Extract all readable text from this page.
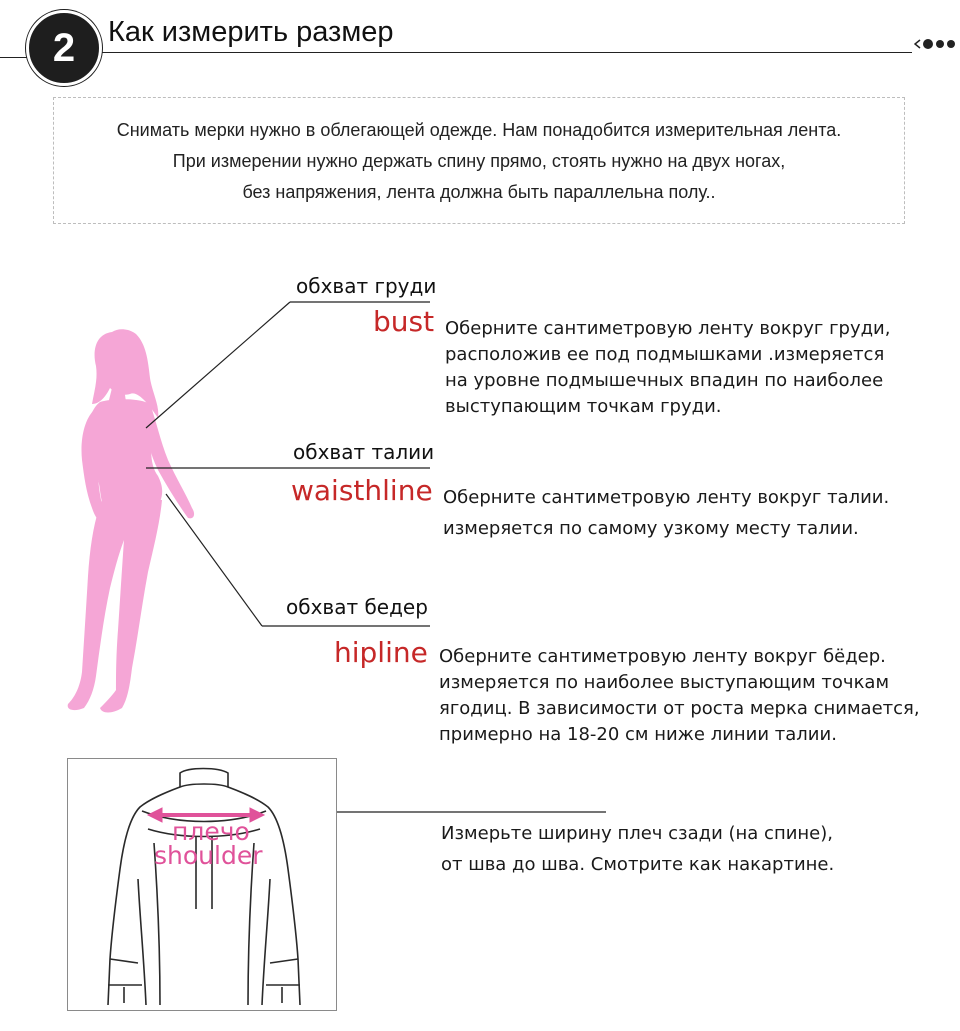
2	Как измерить размер
Снимать мерки нужно в облегающей одежде. Нам понадобится измерительная лента.
При измерении нужно держать спину прямо, стоять нужно на двух ногах,
без напряжения, лента должна быть параллельна полу..
обхват груди
bust Оберните сантиметровую ленту вокруг груди,
расположив ее под подмышками .измеряется
на уровне подмышечных впадин по наиболее
выступающим точкам груди.
обхват талии
waisthline Оберните сантиметровую ленту вокруг талии.
измеряется по самому узкому месту талии.
обхват бедер
hipline Оберните сантиметровую ленту вокруг бёдер.
измеряется по наиболее выступающим точкам
ягодиц. В зависимости от роста мерка снимается,
примерно на 18-20 см ниже линии талии.
плечо
shoulder
Измерьте ширину плеч сзади (на спине),
от шва до шва. Смотрите как накартине.
